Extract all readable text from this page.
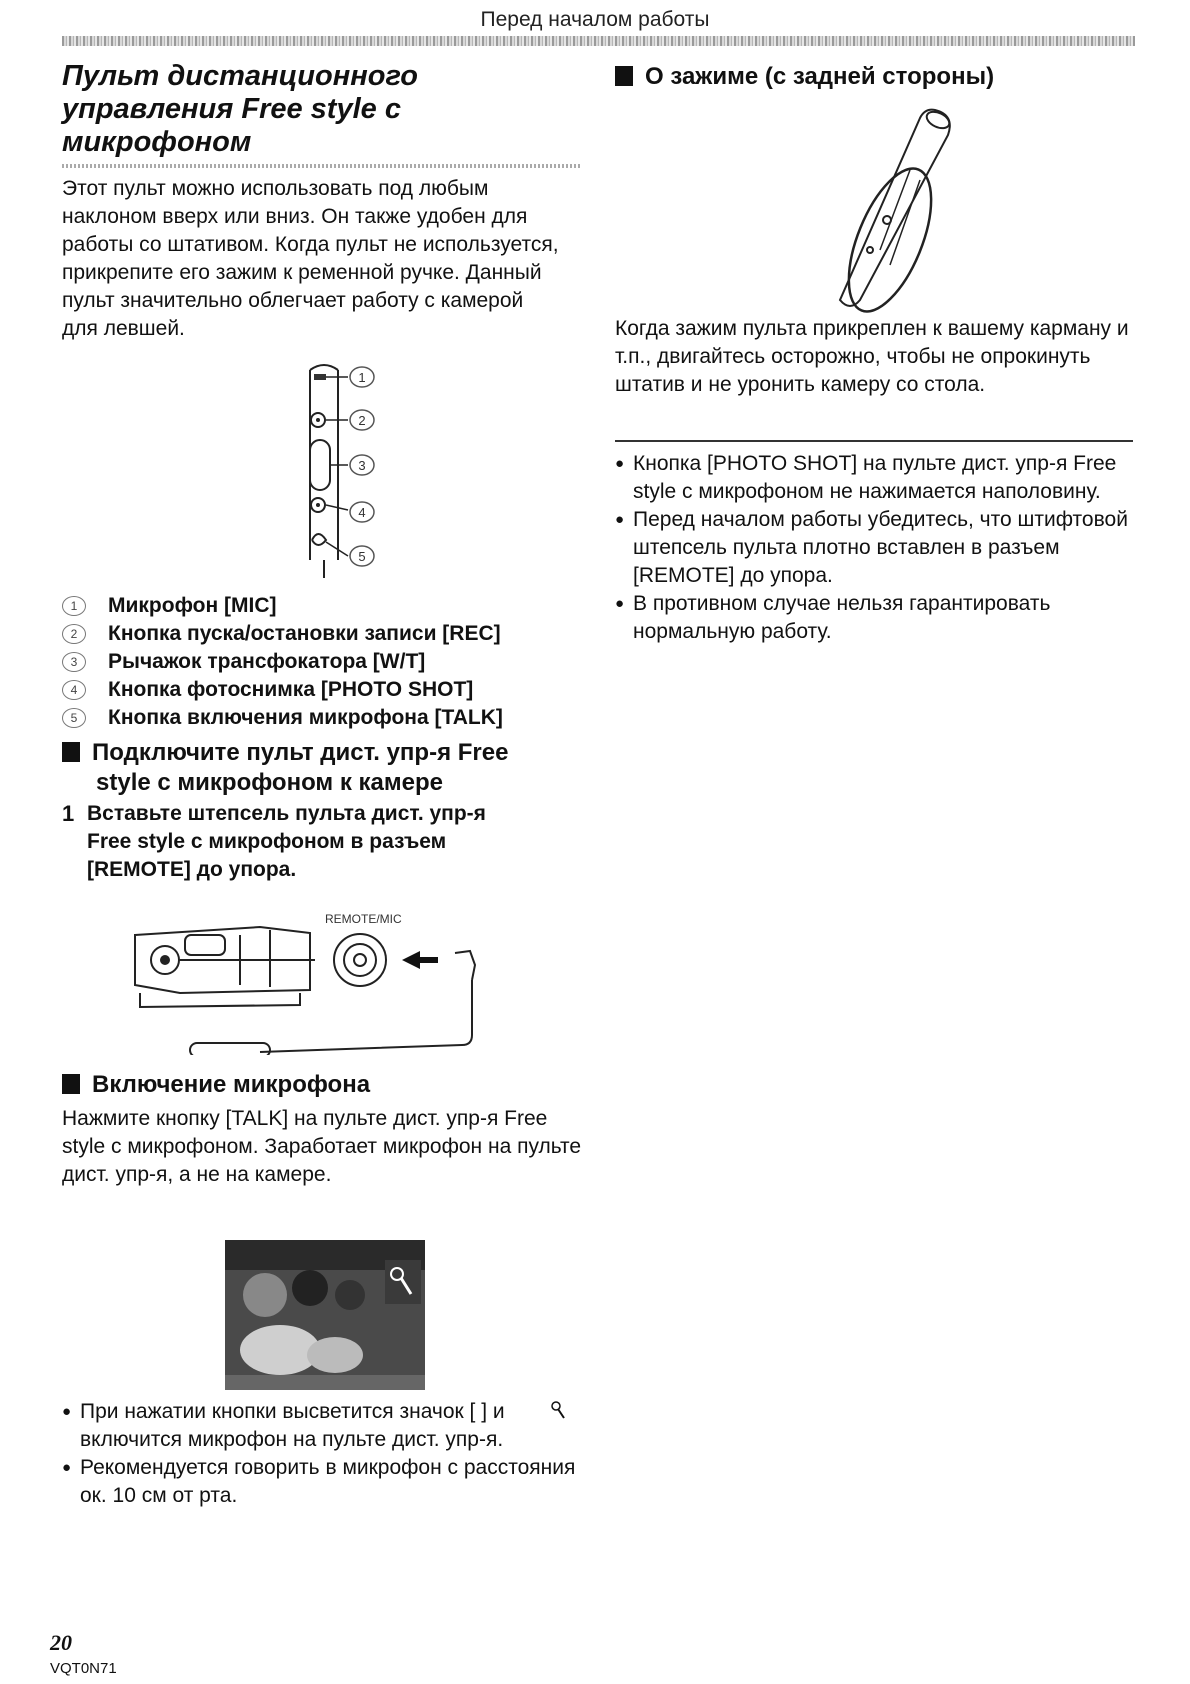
Перед началом работы
Пульт дистанционного
управления Free style с
микрофоном
Этот пульт можно использовать под любым наклоном вверх или вниз. Он также удобен для работы со штативом. Когда пульт не используется, прикрепите его зажим к ременной ручке. Данный пульт значительно облегчает работу с камерой для левшей.
1
2
3
4
5
1	Микрофон [MIC]
2	Кнопка пуска/остановки записи [REC]
3	Рычажок трансфокатора [W/T]
4	Кнопка фотоснимка [PHOTO SHOT]
5	Кнопка включения микрофона [TALK]
Подключите пульт дист. упр-я Free
style с микрофоном к камере
1 Вставьте штепсель пульта дист. упр-я
Free style с микрофоном в разъем
[REMOTE] до упора.
REMOTE/MIC
Включение микрофона
Нажмите кнопку [TALK] на пульте дист. упр-я Free style с микрофоном. Заработает микрофон на пульте дист. упр-я, а не на камере.
● При нажатии кнопки высветится значок [ ] и включится микрофон на пульте дист. упр-я.
● Рекомендуется говорить в микрофон с расстояния ок. 10 см от рта.
О зажиме (с задней стороны)
Когда зажим пульта прикреплен к вашему карману и т.п., двигайтесь осторожно, чтобы не опрокинуть штатив и не уронить камеру со стола.
● Кнопка [PHOTO SHOT] на пульте дист. упр-я Free style с микрофоном не нажимается наполовину.
● Перед началом работы убедитесь, что штифтовой штепсель пульта плотно вставлен в разъем [REMOTE] до упора.
● В противном случае нельзя гарантировать нормальную работу.
20
VQT0N71
